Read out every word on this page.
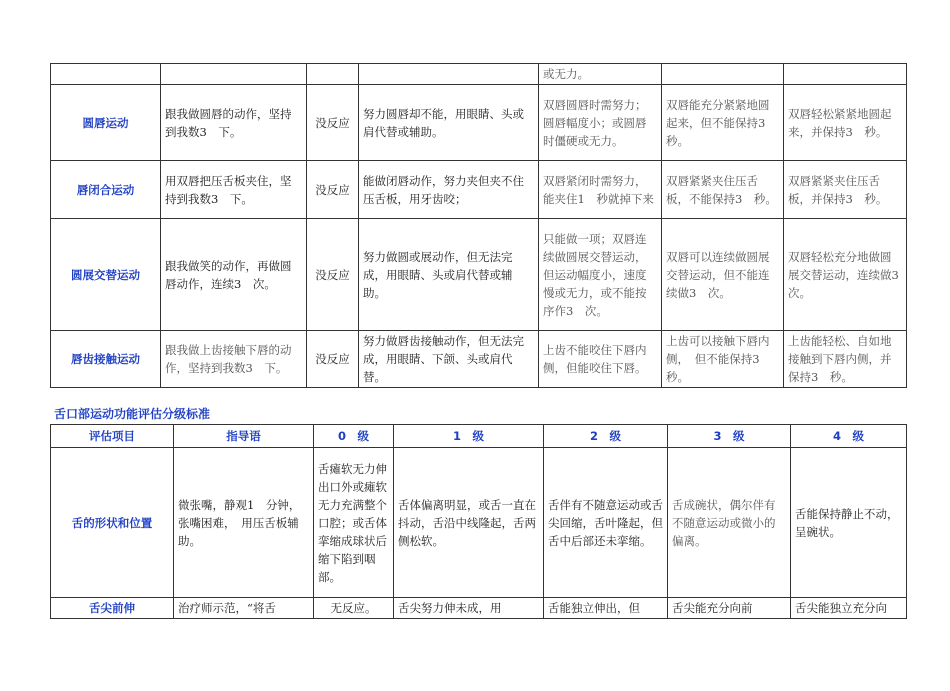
				或无力。		
圆唇运动	跟我做圆唇的动作，坚持到我数3　下。	没反应	努力圆唇却不能，用眼睛、头或肩代替或辅助。	双唇圆唇时需努力；圆唇幅度小；或圆唇时僵硬或无力。	双唇能充分紧紧地圆起来，但不能保持3　秒。	双唇轻松紧紧地圆起来，并保持3　秒。
唇闭合运动	用双唇把压舌板夹住，坚持到我数3　下。	没反应	能做闭唇动作，努力夹但夹不住压舌板，用牙齿咬；	双唇紧闭时需努力，能夹住1　秒就掉下来	双唇紧紧夹住压舌板，不能保持3　秒。	双唇紧紧夹住压舌板，并保持3　秒。
圆展交替运动	跟我做笑的动作，再做圆唇动作，连续3　次。	没反应	努力做圆或展动作，但无法完成，用眼睛、头或肩代替或辅助。	只能做一项；双唇连续做圆展交替运动，但运动幅度小，速度慢或无力，或不能按序作3　次。	双唇可以连续做圆展交替运动，但不能连续做3　次。	双唇轻松充分地做圆展交替运动，连续做3　次。
唇齿接触运动	跟我做上齿接触下唇的动作，坚持到我数3　下。	没反应	努力做唇齿接触动作，但无法完成，用眼睛、下颌、头或肩代替。	上齿不能咬住下唇内侧，但能咬住下唇。	上齿可以接触下唇内侧，　但不能保持3　秒。	上齿能轻松、自如地接触到下唇内侧，并保持3　秒。
舌口部运动功能评估分级标准
评估项目	指导语	0　级	1　级	2　级	3　级	4　级
舌的形状和位置	微张嘴，静观1　分钟，张嘴困难，　用压舌板辅助。	舌瘫软无力伸出口外或瘫软无力充满整个口腔；或舌体挛缩成球状后缩下陷到咽部。	舌体偏离明显，或舌一直在抖动，舌沿中线隆起，舌两侧松软。	舌伴有不随意运动或舌尖回缩，舌叶隆起，但舌中后部还未挛缩。	舌成碗状，偶尔伴有不随意运动或微小的偏离。	舌能保持静止不动，呈碗状。
舌尖前伸	治疗师示范，“将舌	无反应。	舌尖努力伸未成，用	舌能独立伸出，但	舌尖能充分向前	舌尖能独立充分向
